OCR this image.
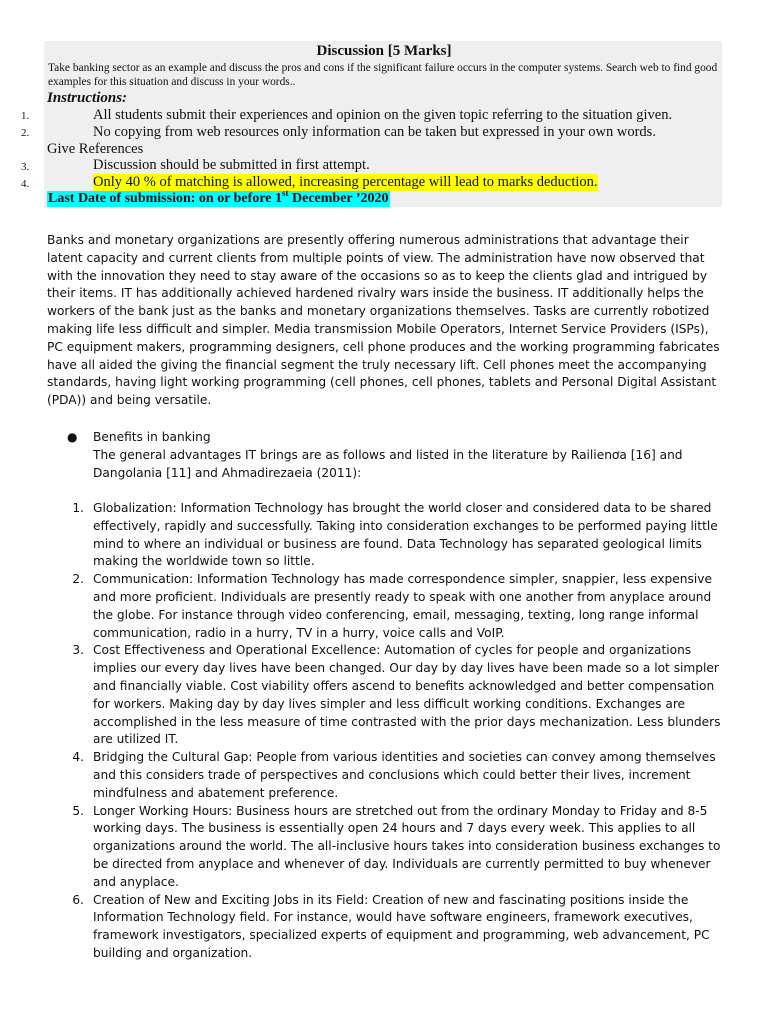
Discussion [5 Marks]
Take banking sector as an example and discuss the pros and cons if the significant failure occurs in the computer systems. Search web to find good examples for this situation and discuss in your words..
Instructions:
1.	All students submit their experiences and opinion on the given topic referring to the situation given.
2.	No copying from web resources only information can be taken but expressed in your own words.
Give References
3.	Discussion should be submitted in first attempt.
4.	Only 40 % of matching is allowed, increasing percentage will lead to marks deduction.
Last Date of submission: on or before 1st December ’2020
Banks and monetary organizations are presently offering numerous administrations that advantage their latent capacity and current clients from multiple points of view. The administration have now observed that with the innovation they need to stay aware of the occasions so as to keep the clients glad and intrigued by their items. IT has additionally achieved hardened rivalry wars inside the business. IT additionally helps the workers of the bank just as the banks and monetary organizations themselves. Tasks are currently robotized making life less difficult and simpler. Media transmission Mobile Operators, Internet Service Providers (ISPs), PC equipment makers, programming designers, cell phone produces and the working programming fabricates have all aided the giving the financial segment the truly necessary lift. Cell phones meet the accompanying standards, having light working programming (cell phones, cell phones, tablets and Personal Digital Assistant (PDA)) and being versatile.
● Benefits in banking
The general advantages IT brings are as follows and listed in the literature by Railienơa [16] and Dangolania [11] and Ahmadirezaeia (2011):
1. Globalization: Information Technology has brought the world closer and considered data to be shared effectively, rapidly and successfully. Taking into consideration exchanges to be performed paying little mind to where an individual or business are found. Data Technology has separated geological limits making the worldwide town so little.
2. Communication: Information Technology has made correspondence simpler, snappier, less expensive and more proficient. Individuals are presently ready to speak with one another from anyplace around the globe. For instance through video conferencing, email, messaging, texting, long range informal communication, radio in a hurry, TV in a hurry, voice calls and VoIP.
3. Cost Effectiveness and Operational Excellence: Automation of cycles for people and organizations implies our every day lives have been changed. Our day by day lives have been made so a lot simpler and financially viable. Cost viability offers ascend to benefits acknowledged and better compensation for workers. Making day by day lives simpler and less difficult working conditions. Exchanges are accomplished in the less measure of time contrasted with the prior days mechanization. Less blunders are utilized IT.
4. Bridging the Cultural Gap: People from various identities and societies can convey among themselves and this considers trade of perspectives and conclusions which could better their lives, increment mindfulness and abatement preference.
5. Longer Working Hours: Business hours are stretched out from the ordinary Monday to Friday and 8-5 working days. The business is essentially open 24 hours and 7 days every week. This applies to all organizations around the world. The all-inclusive hours takes into consideration business exchanges to be directed from anyplace and whenever of day. Individuals are currently permitted to buy whenever and anyplace.
6. Creation of New and Exciting Jobs in its Field: Creation of new and fascinating positions inside the Information Technology field. For instance, would have software engineers, framework executives, framework investigators, specialized experts of equipment and programming, web advancement, PC building and organization.
